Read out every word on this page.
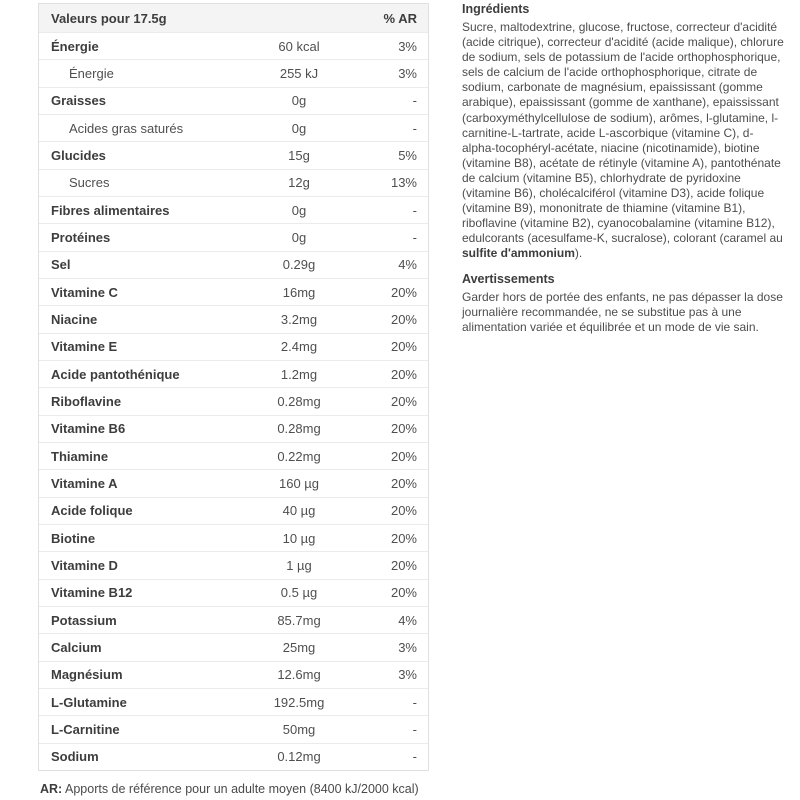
Valeurs pour 17.5g	% AR
Énergie	60 kcal	3%
Énergie	255 kJ	3%
Graisses	0g	-
Acides gras saturés	0g	-
Glucides	15g	5%
Sucres	12g	13%
Fibres alimentaires	0g	-
Protéines	0g	-
Sel	0.29g	4%
Vitamine C	16mg	20%
Niacine	3.2mg	20%
Vitamine E	2.4mg	20%
Acide pantothénique	1.2mg	20%
Riboflavine	0.28mg	20%
Vitamine B6	0.28mg	20%
Thiamine	0.22mg	20%
Vitamine A	160 µg	20%
Acide folique	40 µg	20%
Biotine	10 µg	20%
Vitamine D	1 µg	20%
Vitamine B12	0.5 µg	20%
Potassium	85.7mg	4%
Calcium	25mg	3%
Magnésium	12.6mg	3%
L-Glutamine	192.5mg	-
L-Carnitine	50mg	-
Sodium	0.12mg	-
AR: Apports de référence pour un adulte moyen (8400 kJ/2000 kcal)

Ingrédients

Sucre, maltodextrine, glucose, fructose, correcteur d'acidité (acide citrique), correcteur d'acidité (acide malique), chlorure de sodium, sels de potassium de l'acide orthophosphorique, sels de calcium de l'acide orthophosphorique, citrate de sodium, carbonate de magnésium, epaississant (gomme arabique), epaississant (gomme de xanthane), epaississant (carboxyméthylcellulose de sodium), arômes, l-glutamine, l-carnitine-L-tartrate, acide L-ascorbique (vitamine C), d-alpha-tocophéryl-acétate, niacine (nicotinamide), biotine (vitamine B8), acétate de rétinyle (vitamine A), pantothénate de calcium (vitamine B5), chlorhydrate de pyridoxine (vitamine B6), cholécalciférol (vitamine D3), acide folique (vitamine B9), mononitrate de thiamine (vitamine B1), riboflavine (vitamine B2), cyanocobalamine (vitamine B12), edulcorants (acesulfame-K, sucralose), colorant (caramel au sulfite d'ammonium).

Avertissements

Garder hors de portée des enfants, ne pas dépasser la dose journalière recommandée, ne se substitue pas à une alimentation variée et équilibrée et un mode de vie sain.
